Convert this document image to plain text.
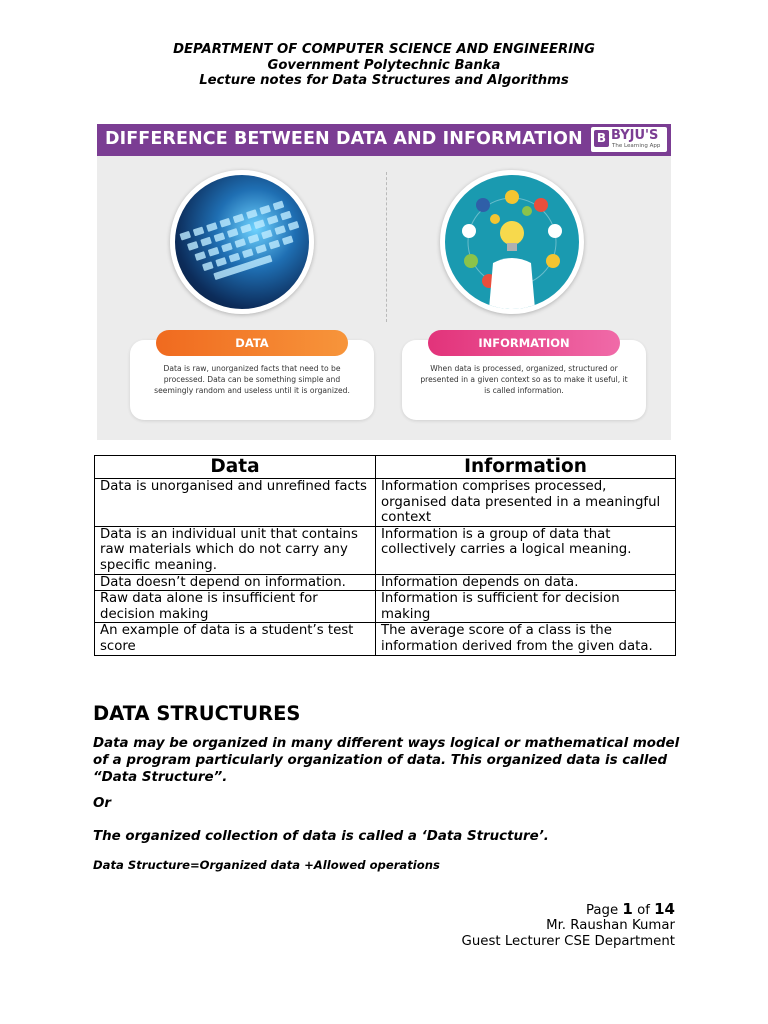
DEPARTMENT OF COMPUTER SCIENCE AND ENGINEERING
Government Polytechnic Banka
Lecture notes for Data Structures and Algorithms
DIFFERENCE BETWEEN DATA AND INFORMATION B BYJU'S
The Learning App
DATA	INFORMATION
Data is raw, unorganized facts that need to be processed. Data can be something simple and seemingly random and useless until it is organized.
When data is processed, organized, structured or presented in a given context so as to make it useful, it is called information.
Data	Information
Data is unorganised and unrefined facts	Information comprises processed, organised data presented in a meaningful context
Data is an individual unit that contains raw materials which do not carry any specific meaning.	Information is a group of data that collectively carries a logical meaning.
Data doesn’t depend on information.	Information depends on data.
Raw data alone is insufficient for decision making	Information is sufficient for decision making
An example of data is a student’s test score	The average score of a class is the information derived from the given data.
DATA STRUCTURES
Data may be organized in many different ways logical or mathematical model of a program particularly organization of data. This organized data is called “Data Structure”.
Or
The organized collection of data is called a ‘Data Structure’.
Data Structure=Organized data +Allowed operations
Page 1 of 14
Mr. Raushan Kumar
Guest Lecturer CSE Department
